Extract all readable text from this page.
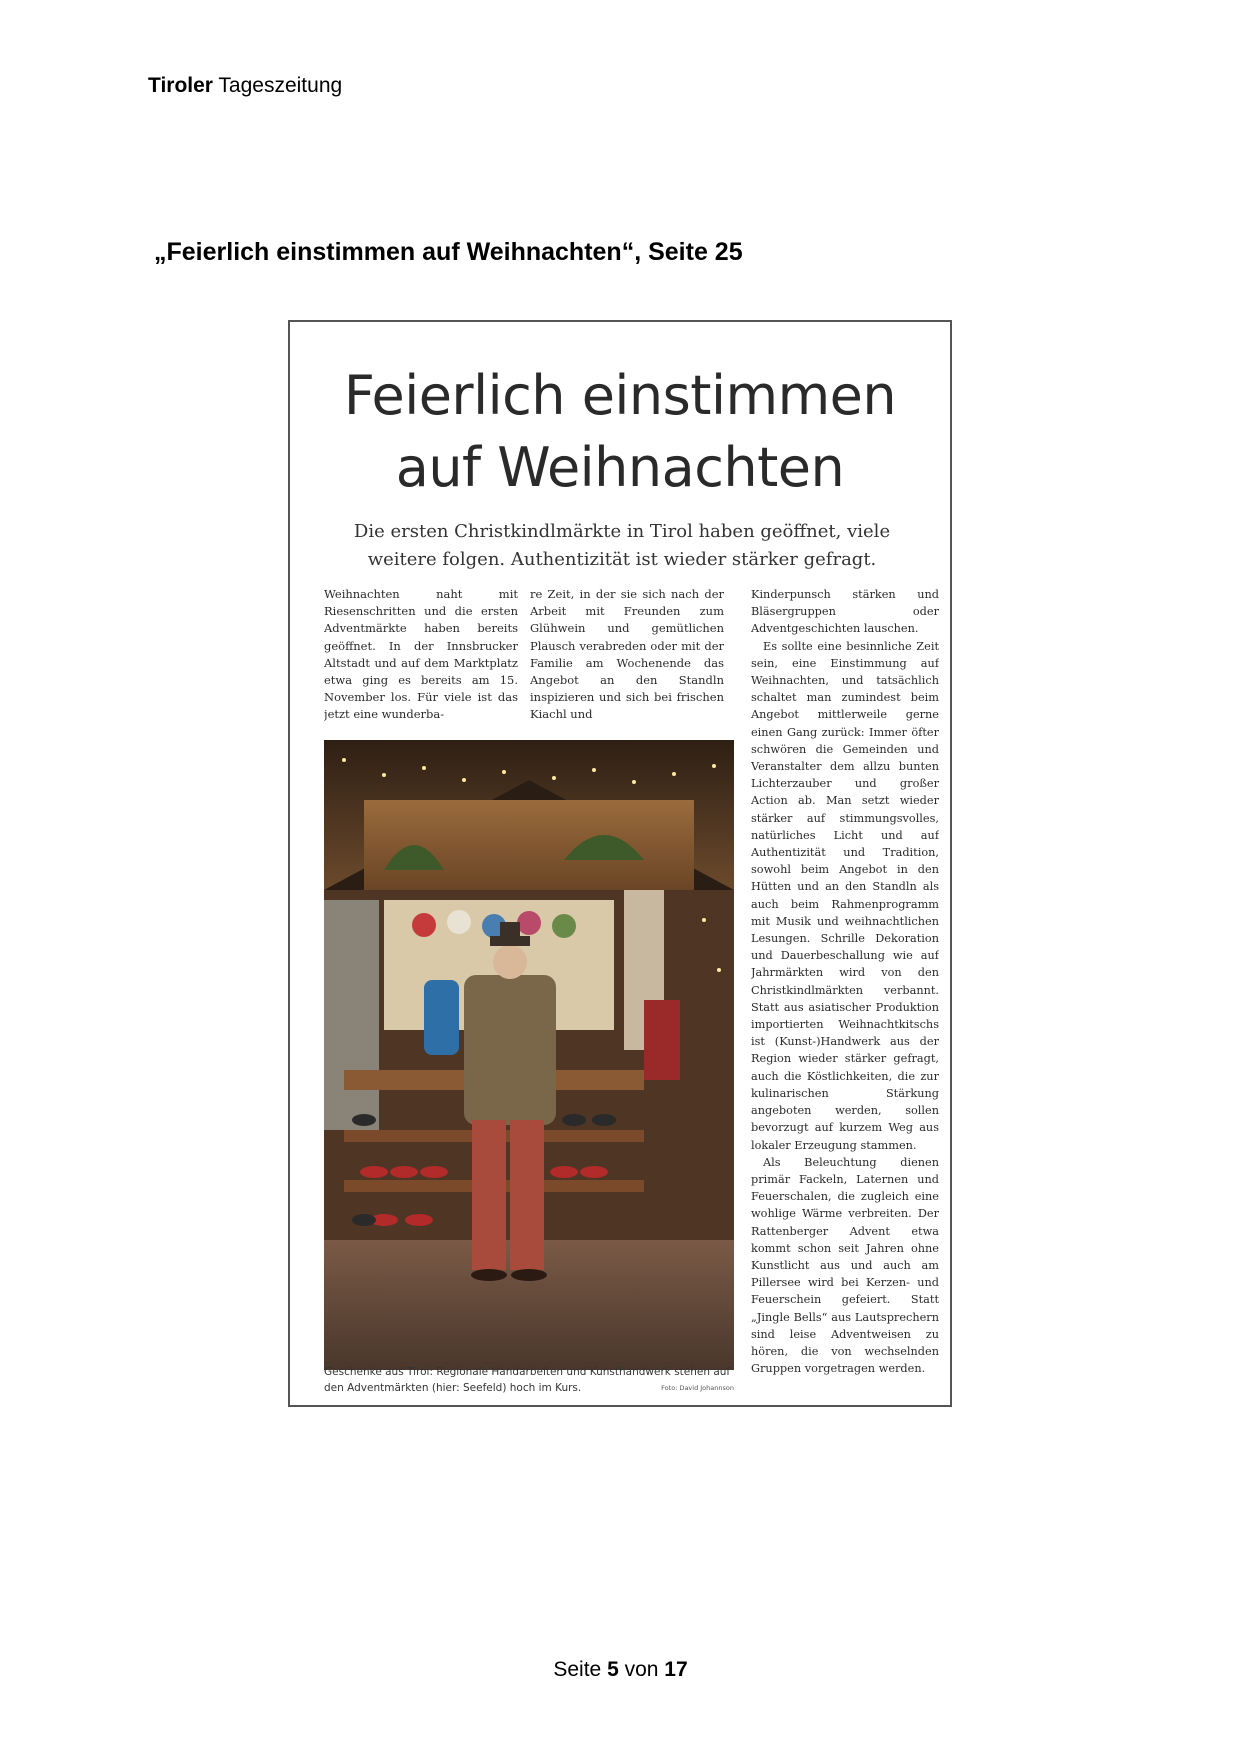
Tiroler Tageszeitung
„Feierlich einstimmen auf Weihnachten“, Seite 25
Feierlich einstimmen
auf Weihnachten
Die ersten Christkindlmärkte in Tirol haben geöffnet, viele weitere folgen. Authentizität ist wieder stärker gefragt.

Weihnachten naht mit Riesenschritten und die ersten Adventmärkte haben bereits geöffnet. In der Innsbrucker Altstadt und auf dem Marktplatz etwa ging es bereits am 15. November los. Für viele ist das jetzt eine wunderba-

re Zeit, in der sie sich nach der Arbeit mit Freunden zum Glühwein und gemütlichen Plausch verabreden oder mit der Familie am Wochenende das Angebot an den Standln inspizieren und sich bei frischen Kiachl und

Kinderpunsch stärken und Bläsergruppen oder Adventgeschichten lauschen.

Es sollte eine besinnliche Zeit sein, eine Einstimmung auf Weihnachten, und tatsächlich schaltet man zumindest beim Angebot mittlerweile gerne einen Gang zurück: Immer öfter schwören die Gemeinden und Veranstalter dem allzu bunten Lichterzauber und großer Action ab. Man setzt wieder stärker auf stimmungsvolles, natürliches Licht und auf Authentizität und Tradition, sowohl beim Angebot in den Hütten und an den Standln als auch beim Rahmenprogramm mit Musik und weihnachtlichen Lesungen. Schrille Dekoration und Dauerbeschallung wie auf Jahrmärkten wird von den Christkindlmärkten verbannt. Statt aus asiatischer Produktion importierten Weihnachtkitschs ist (Kunst-)Handwerk aus der Region wieder stärker gefragt, auch die Köstlichkeiten, die zur kulinarischen Stärkung angeboten werden, sollen bevorzugt auf kurzem Weg aus lokaler Erzeugung stammen.

Als Beleuchtung dienen primär Fackeln, Laternen und Feuerschalen, die zugleich eine wohlige Wärme verbreiten. Der Rattenberger Advent etwa kommt schon seit Jahren ohne Kunstlicht aus und auch am Pillersee wird bei Kerzen- und Feuerschein gefeiert. Statt „Jingle Bells“ aus Lautsprechern sind leise Adventweisen zu hören, die von wechselnden Gruppen vorgetragen werden.

Geschenke aus Tirol: Regionale Handarbeiten und Kunsthandwerk stehen auf den Adventmärkten (hier: Seefeld) hoch im Kurs.	Foto: David Johannson
Seite 5 von 17
